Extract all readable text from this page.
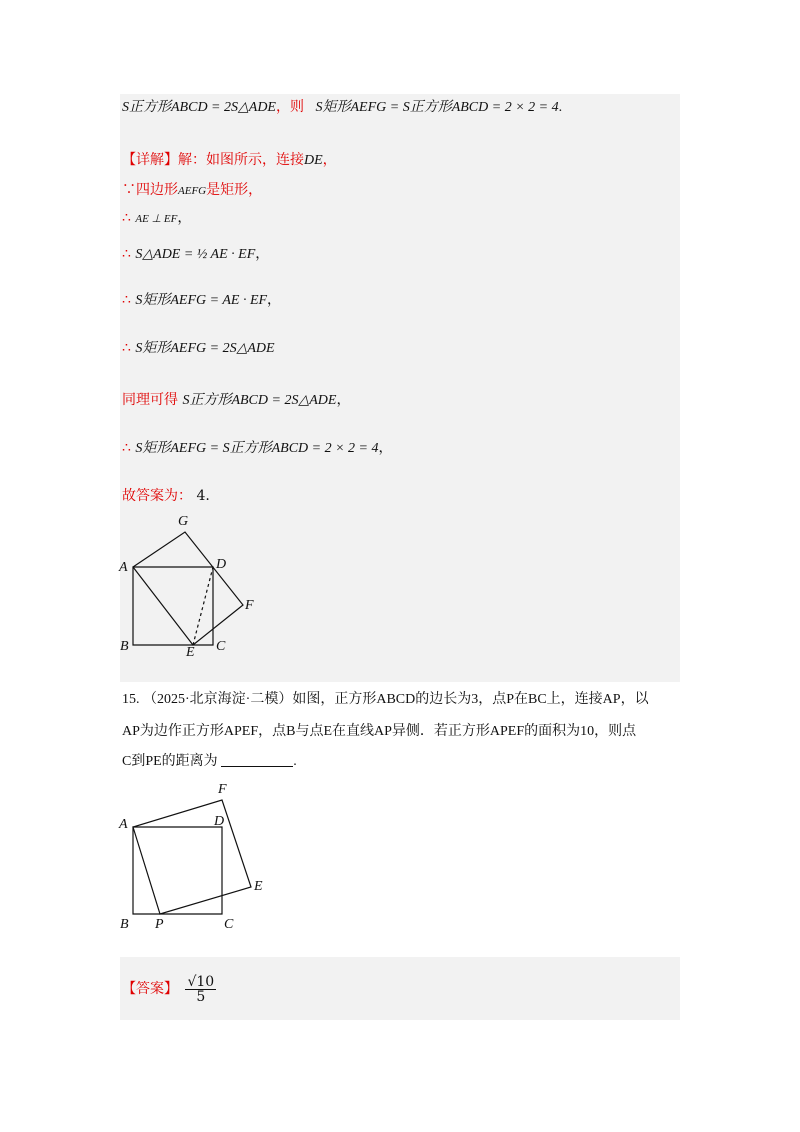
S正方形ABCD = 2S△ADE，则 S矩形AEFG = S正方形ABCD = 2 × 2 = 4.
【详解】解：如图所示，连接DE，
∵四边形AEFG是矩形，
∴ AE ⊥ EF，
∴ S△ADE = ½ AE · EF，
∴ S矩形AEFG = AE · EF，
∴ S矩形AEFG = 2S△ADE
同理可得 S正方形ABCD = 2S△ADE，
∴ S矩形AEFG = S正方形ABCD = 2 × 2 = 4，
故答案为： 4.
G
A	D
F
B	E C
15. （2025·北京海淀·二模）如图，正方形ABCD的边长为3，点P在BC上，连接AP，以
AP为边作正方形APEF，点B与点E在直线AP异侧．若正方形APEF的面积为10，则点
C到PE的距离为	.
F
A	D
E
B P	C
【答案】 $\frac{√10}{5}$
